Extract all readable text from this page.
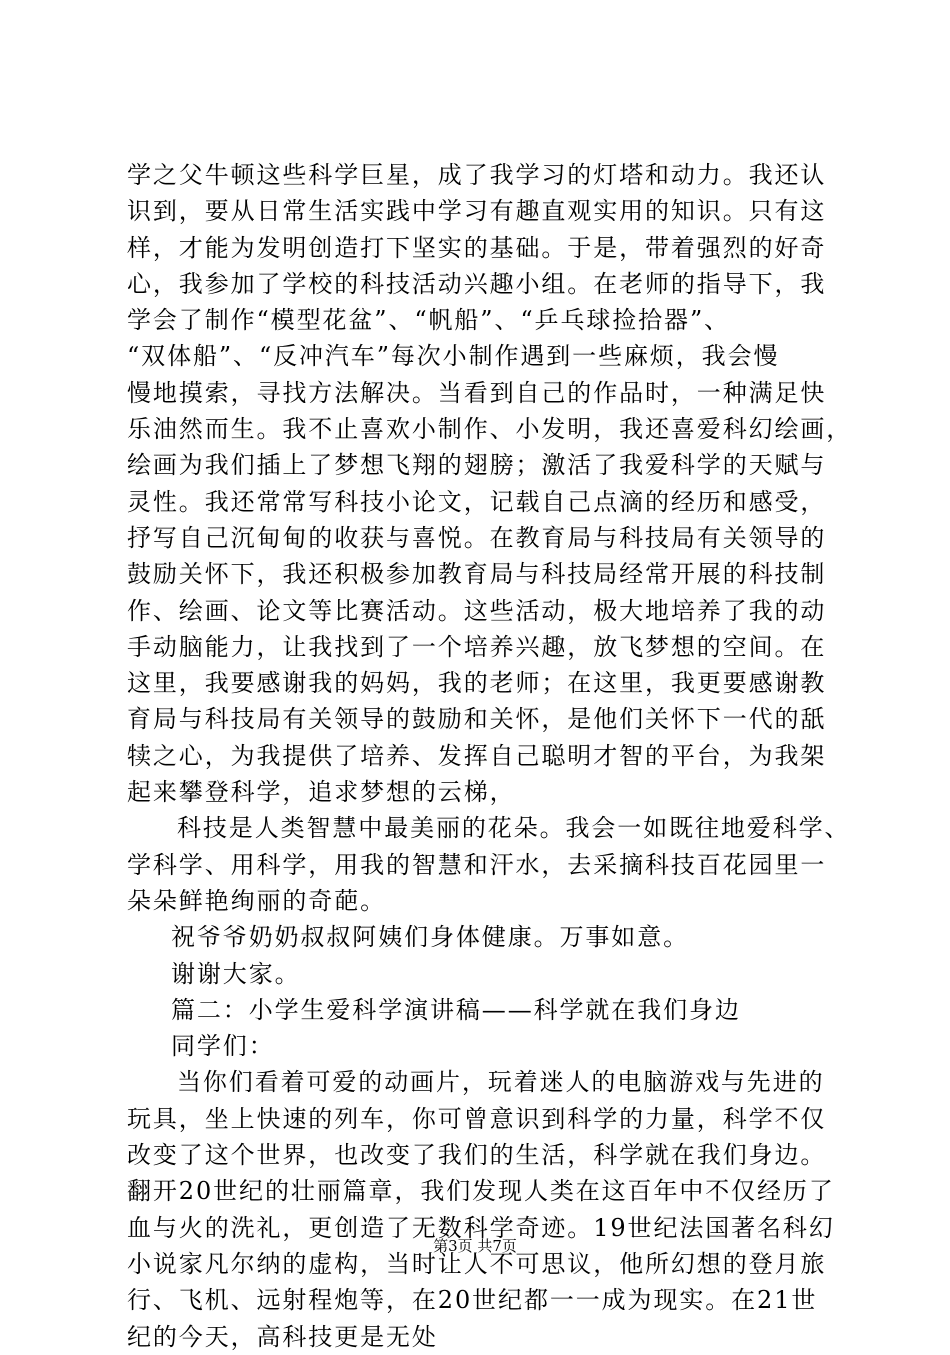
学之父牛顿这些科学巨星，成了我学习的灯塔和动力。我还认
识到，要从日常生活实践中学习有趣直观实用的知识。只有这
样，才能为发明创造打下坚实的基础。于是，带着强烈的好奇
心，我参加了学校的科技活动兴趣小组。在老师的指导下，我
学会了制作“模型花盆”、“帆船”、“乒乓球捡拾器”、
“双体船”、“反冲汽车”每次小制作遇到一些麻烦，我会慢
慢地摸索，寻找方法解决。当看到自己的作品时，一种满足快
乐油然而生。我不止喜欢小制作、小发明，我还喜爱科幻绘画，
绘画为我们插上了梦想飞翔的翅膀；激活了我爱科学的天赋与
灵性。我还常常写科技小论文，记载自己点滴的经历和感受，
抒写自己沉甸甸的收获与喜悦。在教育局与科技局有关领导的
鼓励关怀下，我还积极参加教育局与科技局经常开展的科技制
作、绘画、论文等比赛活动。这些活动，极大地培养了我的动
手动脑能力，让我找到了一个培养兴趣，放飞梦想的空间。在
这里，我要感谢我的妈妈，我的老师；在这里，我更要感谢教
育局与科技局有关领导的鼓励和关怀，是他们关怀下一代的舐
犊之心，为我提供了培养、发挥自己聪明才智的平台，为我架
起来攀登科学，追求梦想的云梯，
科技是人类智慧中最美丽的花朵。我会一如既往地爱科学、
学科学、用科学，用我的智慧和汗水，去采摘科技百花园里一
朵朵鲜艳绚丽的奇葩。
祝爷爷奶奶叔叔阿姨们身体健康。万事如意。
谢谢大家。
篇二：小学生爱科学演讲稿——科学就在我们身边
同学们：
当你们看着可爱的动画片，玩着迷人的电脑游戏与先进的
玩具，坐上快速的列车，你可曾意识到科学的力量，科学不仅
改变了这个世界，也改变了我们的生活，科学就在我们身边。
翻开20世纪的壮丽篇章，我们发现人类在这百年中不仅经历了
血与火的洗礼，更创造了无数科学奇迹。19世纪法国著名科幻
小说家凡尔纳的虚构，当时让人不可思议，他所幻想的登月旅
行、飞机、远射程炮等，在20世纪都一一成为现实。在21世
纪的今天，高科技更是无处
第3页 共7页
